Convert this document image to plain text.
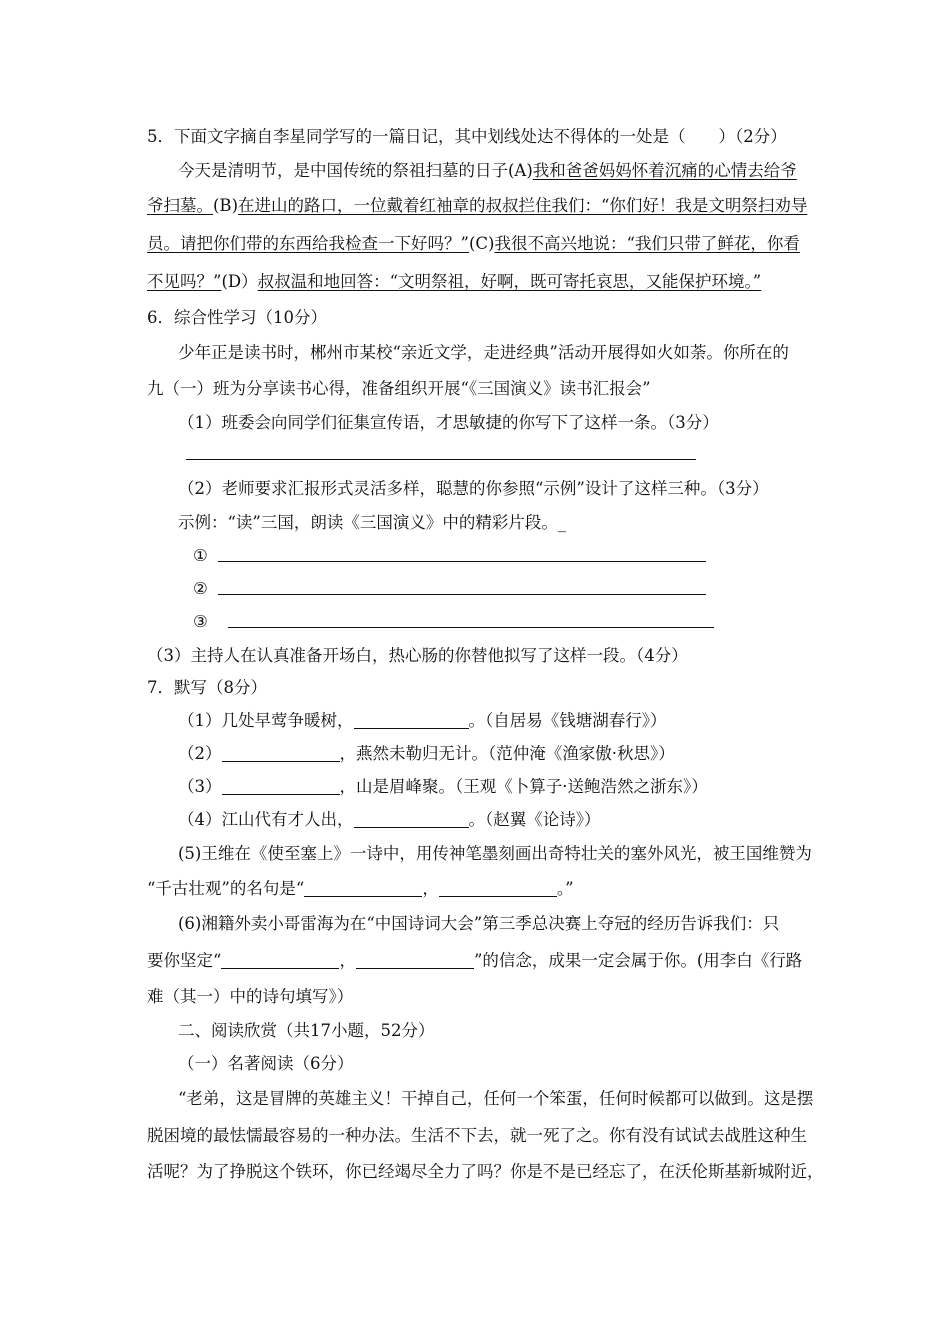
5．下面文字摘自李星同学写的一篇日记，其中划线处达不得体的一处是（　　）（2分）
今天是清明节，是中国传统的祭祖扫墓的日子(A)我和爸爸妈妈怀着沉痛的心情去给爷
爷扫墓。(B)在进山的路口，一位戴着红袖章的叔叔拦住我们：“你们好！我是文明祭扫劝导
员。请把你们带的东西给我检查一下好吗？”(C)我很不高兴地说：“我们只带了鲜花，你看
不见吗？”(D）叔叔温和地回答：“文明祭祖，好啊，既可寄托哀思，又能保护环境。”
6．综合性学习（10分）
少年正是读书时，郴州市某校“亲近文学，走进经典”活动开展得如火如荼。你所在的
九（一）班为分享读书心得，准备组织开展“《三国演义》读书汇报会”
（1）班委会向同学们征集宣传语，才思敏捷的你写下了这样一条。（3分）
（2）老师要求汇报形式灵活多样，聪慧的你参照“示例”设计了这样三种。（3分）
示例：“读”三国，朗读《三国演义》中的精彩片段。_
①
②
③
（3）主持人在认真准备开场白，热心肠的你替他拟写了这样一段。（4分）
7．默写（8分）
（1）几处早莺争暖树，	。（自居易《钱塘湖春行》）
（2）	，燕然未勒归无计。（范仲淹《渔家傲·秋思》）
（3）	，山是眉峰聚。（王观《卜算子·送鲍浩然之浙东》）
（4）江山代有才人出，	。（赵翼《论诗》）
(5)王维在《使至塞上》一诗中，用传神笔墨刻画出奇特壮关的塞外风光，被王国维赞为
“千古壮观”的名句是“	，	。”
(6)湘籍外卖小哥雷海为在“中国诗词大会”第三季总决赛上夺冠的经历告诉我们：只
要你坚定“	，	”的信念，成果一定会属于你。(用李白《行路
难（其一）中的诗句填写》）
二、阅读欣赏（共17小题，52分）
（一）名著阅读（6分）
“老弟，这是冒牌的英雄主义！干掉自己，任何一个笨蛋，任何时候都可以做到。这是摆
脱困境的最怯懦最容易的一种办法。生活不下去，就一死了之。你有没有试试去战胜这种生
活呢？为了挣脱这个铁环，你已经竭尽全力了吗？你是不是已经忘了，在沃伦斯基新城附近，
